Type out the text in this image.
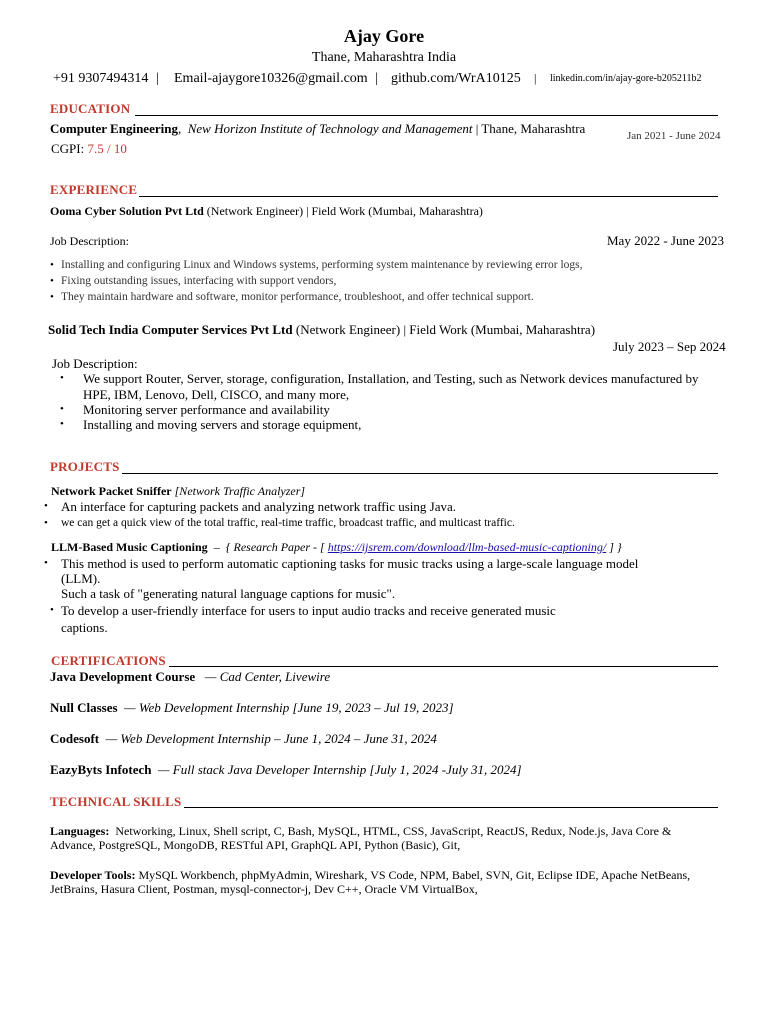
Ajay Gore
Thane, Maharashtra India
+91 9307494314 | Email-ajaygore10326@gmail.com | github.com/WrA10125 | linkedin.com/in/ajay-gore-b205211b2
EDUCATION
Computer Engineering,  New Horizon Institute of Technology and Management | Thane, Maharashtra	Jan 2021 - June 2024
CGPI: 7.5 / 10
EXPERIENCE
Ooma Cyber Solution Pvt Ltd (Network Engineer) | Field Work (Mumbai, Maharashtra)
Job Description:	May 2022 - June 2023
• Installing and configuring Linux and Windows systems, performing system maintenance by reviewing error logs,
• Fixing outstanding issues, interfacing with support vendors,
• They maintain hardware and software, monitor performance, troubleshoot, and offer technical support.
Solid Tech India Computer Services Pvt Ltd (Network Engineer) | Field Work (Mumbai, Maharashtra)
July 2023 – Sep 2024
Job Description:
• We support Router, Server, storage, configuration, Installation, and Testing, such as Network devices manufactured by
HPE, IBM, Lenovo, Dell, CISCO, and many more,
• Monitoring server performance and availability
• Installing and moving servers and storage equipment,
PROJECTS
Network Packet Sniffer [Network Traffic Analyzer]
• An interface for capturing packets and analyzing network traffic using Java.
• we can get a quick view of the total traffic, real-time traffic, broadcast traffic, and multicast traffic.
LLM-Based Music Captioning – { Research Paper - [ https://ijsrem.com/download/llm-based-music-captioning/ ] }
• This method is used to perform automatic captioning tasks for music tracks using a large-scale language model
(LLM).
Such a task of "generating natural language captions for music".
• To develop a user-friendly interface for users to input audio tracks and receive generated music
captions.
CERTIFICATIONS
Java Development Course — Cad Center, Livewire
Null Classes — Web Development Internship [June 19, 2023 – Jul 19, 2023]
Codesoft — Web Development Internship – June 1, 2024 – June 31, 2024
EazyByts Infotech — Full stack Java Developer Internship [July 1, 2024 -July 31, 2024]
TECHNICAL SKILLS
Languages: Networking, Linux, Shell script, C, Bash, MySQL, HTML, CSS, JavaScript, ReactJS, Redux, Node.js, Java Core &
Advance, PostgreSQL, MongoDB, RESTful API, GraphQL API, Python (Basic), Git,
Developer Tools: MySQL Workbench, phpMyAdmin, Wireshark, VS Code, NPM, Babel, SVN, Git, Eclipse IDE, Apache NetBeans,
JetBrains, Hasura Client, Postman, mysql-connector-j, Dev C++, Oracle VM VirtualBox,
